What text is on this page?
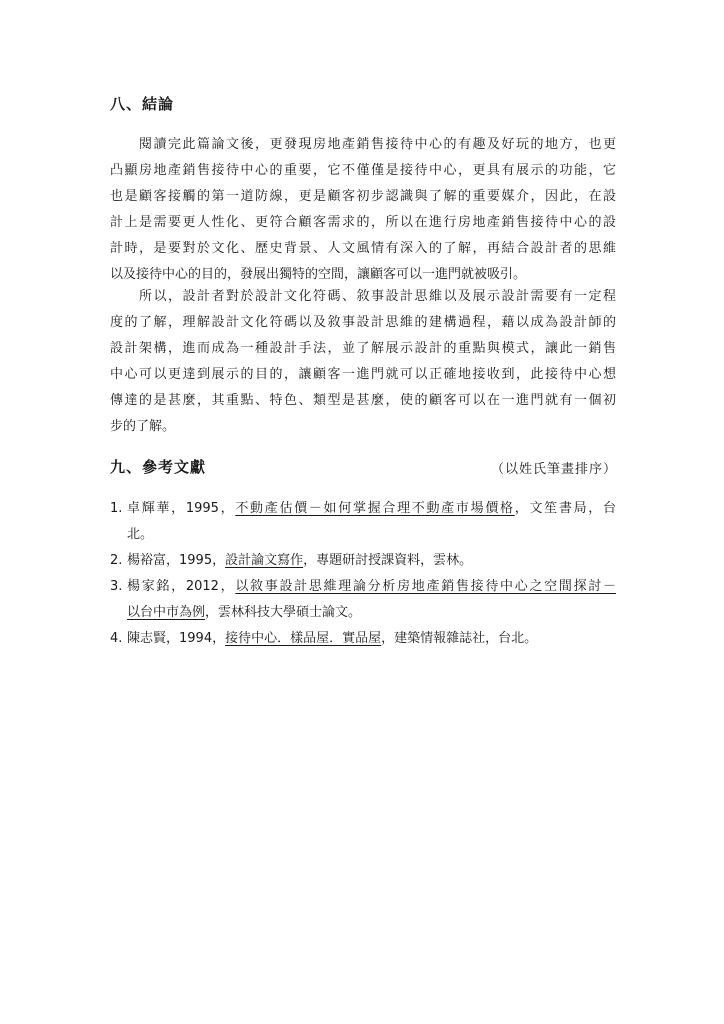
八、結論
閱讀完此篇論文後，更發現房地產銷售接待中心的有趣及好玩的地方，也更
凸顯房地產銷售接待中心的重要，它不僅僅是接待中心，更具有展示的功能，它
也是顧客接觸的第一道防線，更是顧客初步認識與了解的重要媒介，因此，在設
計上是需要更人性化、更符合顧客需求的，所以在進行房地產銷售接待中心的設
計時，是要對於文化、歷史背景、人文風情有深入的了解，再結合設計者的思維
以及接待中心的目的，發展出獨特的空間，讓顧客可以一進門就被吸引。
所以，設計者對於設計文化符碼、敘事設計思維以及展示設計需要有一定程
度的了解，理解設計文化符碼以及敘事設計思維的建構過程，藉以成為設計師的
設計架構，進而成為一種設計手法，並了解展示設計的重點與模式，讓此一銷售
中心可以更達到展示的目的，讓顧客一進門就可以正確地接收到，此接待中心想
傳達的是甚麼，其重點、特色、類型是甚麼，使的顧客可以在一進門就有一個初
步的了解。
九、參考文獻	（以姓氏筆畫排序）
1. 卓輝華，1995，不動產估價－如何掌握合理不動產市場價格，文笙書局，台
北。
2. 楊裕富，1995，設計論文寫作，專題研討授課資料，雲林。
3. 楊家銘，2012，以敘事設計思維理論分析房地產銷售接待中心之空間探討－
以台中市為例，雲林科技大學碩士論文。
4. 陳志賢，1994，接待中心．樣品屋．實品屋，建築情報雜誌社，台北。
